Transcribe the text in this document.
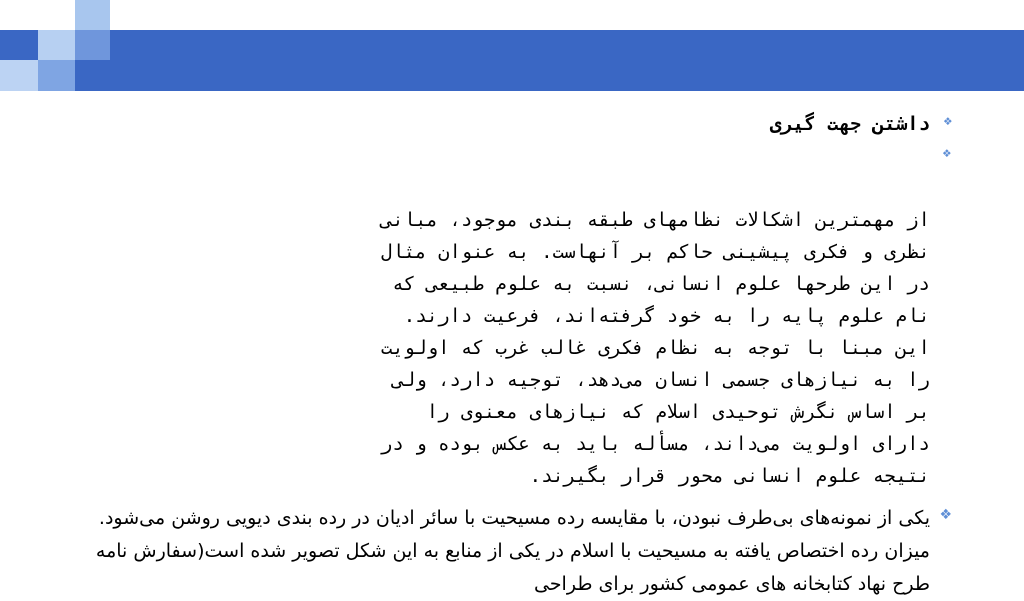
❖
داشتن جهت گیری

❖

از مهمترین اشکالات نظامهای طبقه بندی موجود، مبانی
نظری و فکری پیشینی حاکم بر آنهاست. به عنوان مثال
در این طرحها علوم انسانی، نسبت به علوم طبیعی که
نام علوم پایه را به خود گرفته‌اند، فرعیت دارند.
این مبنا با توجه به نظام فکری غالب غرب که اولویت
را به نیازهای جسمی انسان می‌دهد، توجیه دارد، ولی
بر اساس نگرش توحیدی اسلام که نیازهای معنوی را
دارای اولویت می‌داند، مسأله باید به عکس بوده و در
نتیجه علوم انسانی محور قرار بگیرند.

❖
یکی از نمونه‌های بی‌طرف نبودن، با مقایسه رده مسیحیت با سائر ادیان در رده بندی دیویی روشن می‌شود. میزان رده اختصاص یافته به مسیحیت با اسلام در یکی از منابع به این شکل تصویر شده است(سفارش نامه طرح نهاد کتابخانه های عمومی کشور برای طراحی
